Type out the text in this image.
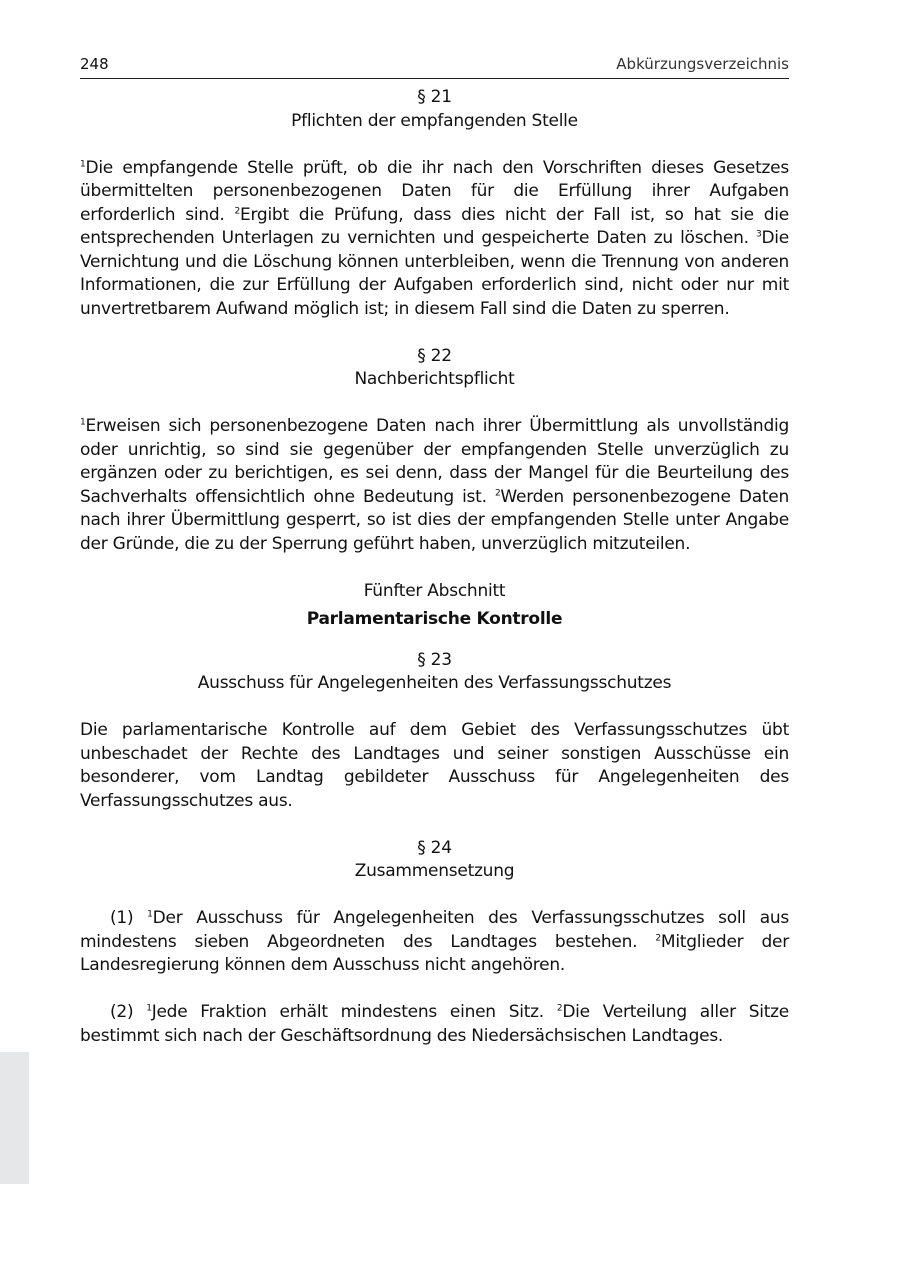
248	Abkürzungsverzeichnis
§ 21
Pflichten der empfangenden Stelle

$^1$Die empfangende Stelle prüft, ob die ihr nach den Vorschriften dieses Gesetzes übermittelten personenbezogenen Daten für die Erfüllung ihrer Aufgaben erforderlich sind. $^2$Ergibt die Prüfung, dass dies nicht der Fall ist, so hat sie die entsprechenden Unterlagen zu vernichten und gespeicherte Daten zu löschen. $^3$Die Vernichtung und die Löschung können unterbleiben, wenn die Trennung von anderen Informationen, die zur Erfüllung der Aufgaben erforderlich sind, nicht oder nur mit unvertretbarem Aufwand möglich ist; in diesem Fall sind die Daten zu sperren.

§ 22
Nachberichtspflicht

$^1$Erweisen sich personenbezogene Daten nach ihrer Übermittlung als unvollständig oder unrichtig, so sind sie gegenüber der empfangenden Stelle unverzüglich zu ergänzen oder zu berichtigen, es sei denn, dass der Mangel für die Beurteilung des Sachverhalts offensichtlich ohne Bedeutung ist. $^2$Werden personenbezogene Daten nach ihrer Übermittlung gesperrt, so ist dies der empfangenden Stelle unter Angabe der Gründe, die zu der Sperrung geführt haben, unverzüglich mitzuteilen.

Fünfter Abschnitt
Parlamentarische Kontrolle
§ 23
Ausschuss für Angelegenheiten des Verfassungsschutzes

Die parlamentarische Kontrolle auf dem Gebiet des Verfassungsschutzes übt unbeschadet der Rechte des Landtages und seiner sonstigen Ausschüsse ein besonderer, vom Landtag gebildeter Ausschuss für Angelegenheiten des Verfassungsschutzes aus.

§ 24
Zusammensetzung

(1) $^1$Der Ausschuss für Angelegenheiten des Verfassungsschutzes soll aus mindestens sieben Abgeordneten des Landtages bestehen. $^2$Mitglieder der Landesregierung können dem Ausschuss nicht angehören.

(2) $^1$Jede Fraktion erhält mindestens einen Sitz. $^2$Die Verteilung aller Sitze bestimmt sich nach der Geschäftsordnung des Niedersächsischen Landtages.
